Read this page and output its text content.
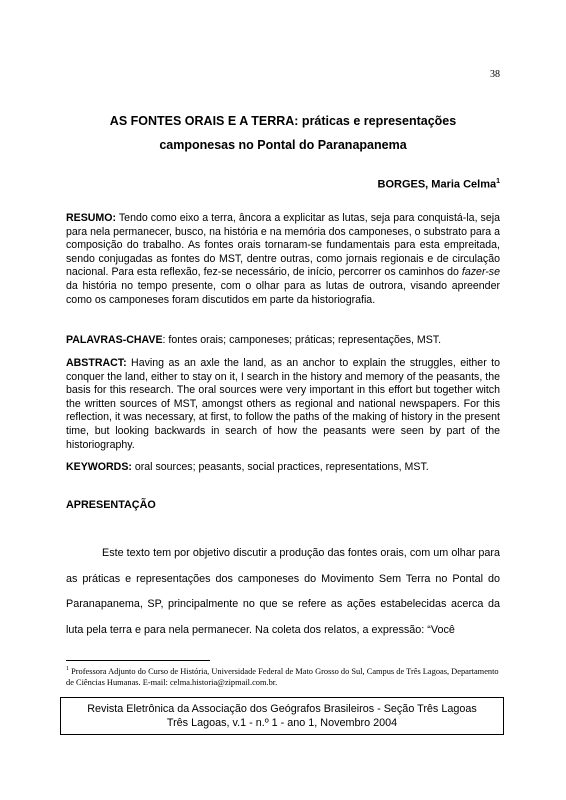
38
AS FONTES ORAIS E A TERRA: práticas e representações
camponesas no Pontal do Paranapanema
BORGES, Maria Celma$^1$
RESUMO: Tendo como eixo a terra, âncora a explicitar as lutas, seja para conquistá-la, seja para nela permanecer, busco, na história e na memória dos camponeses, o substrato para a composição do trabalho. As fontes orais tornaram-se fundamentais para esta empreitada, sendo conjugadas as fontes do MST, dentre outras, como jornais regionais e de circulação nacional. Para esta reflexão, fez-se necessário, de início, percorrer os caminhos do fazer-se da história no tempo presente, com o olhar para as lutas de outrora, visando apreender como os camponeses foram discutidos em parte da historiografia.
PALAVRAS-CHAVE: fontes orais; camponeses; práticas; representações, MST.
ABSTRACT: Having as an axle the land, as an anchor to explain the struggles, either to conquer the land, either to stay on it, I search in the history and memory of the peasants, the basis for this research. The oral sources were very important in this effort but together witch the written sources of MST, amongst others as regional and national newspapers. For this reflection, it was necessary, at first, to follow the paths of the making of history in the present time, but looking backwards in search of how the peasants were seen by part of the historiography.
KEYWORDS: oral sources; peasants, social practices, representations, MST.
APRESENTAÇÃO
Este texto tem por objetivo discutir a produção das fontes orais, com um olhar para as práticas e representações dos camponeses do Movimento Sem Terra no Pontal do Paranapanema, SP, principalmente no que se refere as ações estabelecidas acerca da luta pela terra e para nela permanecer. Na coleta dos relatos, a expressão: “Você
$^1$ Professora Adjunto do Curso de História, Universidade Federal de Mato Grosso do Sul, Campus de Três Lagoas, Departamento de Ciências Humanas. E-mail: celma.historia@zipmail.com.br.
Revista Eletrônica da Associação dos Geógrafos Brasileiros - Seção Três Lagoas
Três Lagoas, v.1 - n.º 1 - ano 1, Novembro 2004
